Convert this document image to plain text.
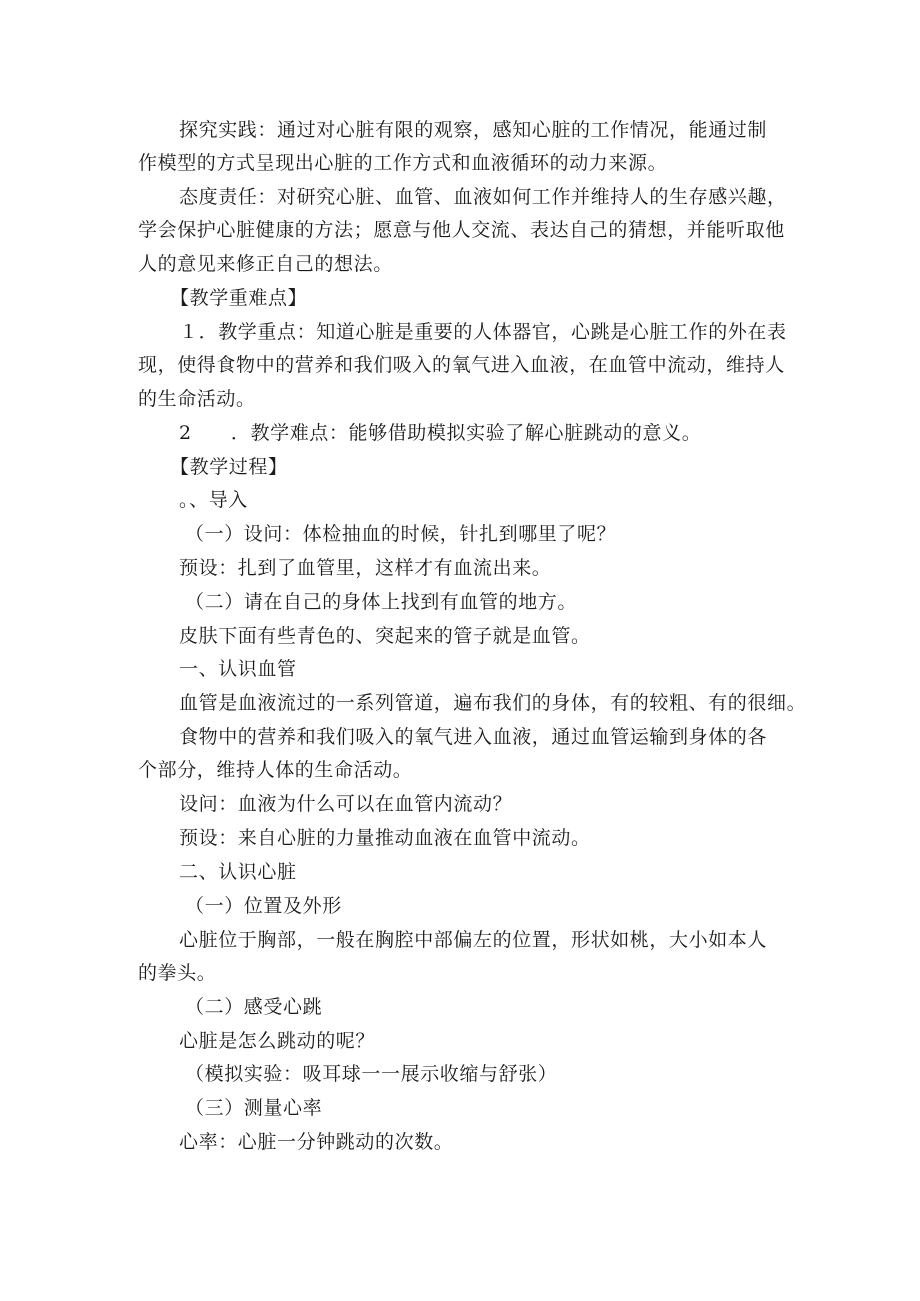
探究实践：通过对心脏有限的观察，感知心脏的工作情况，能通过制
作模型的方式呈现出心脏的工作方式和血液循环的动力来源。
态度责任：对研究心脏、血管、血液如何工作并维持人的生存感兴趣，
学会保护心脏健康的方法；愿意与他人交流、表达自己的猜想，并能听取他
人的意见来修正自己的想法。
【教学重难点】
１．教学重点：知道心脏是重要的人体器官，心跳是心脏工作的外在表
现，使得食物中的营养和我们吸入的氧气进入血液，在血管中流动，维持人
的生命活动。
2　　．教学难点：能够借助模拟实验了解心脏跳动的意义。
【教学过程】
。、导入
（一）设问：体检抽血的时候，针扎到哪里了呢？
预设：扎到了血管里，这样才有血流出来。
（二）请在自己的身体上找到有血管的地方。
皮肤下面有些青色的、突起来的管子就是血管。
一、认识血管
血管是血液流过的一系列管道，遍布我们的身体，有的较粗、有的很细。
食物中的营养和我们吸入的氧气进入血液，通过血管运输到身体的各
个部分，维持人体的生命活动。
设问：血液为什么可以在血管内流动？
预设：来自心脏的力量推动血液在血管中流动。
二、认识心脏
（一）位置及外形
心脏位于胸部，一般在胸腔中部偏左的位置，形状如桃，大小如本人
的拳头。
（二）感受心跳
心脏是怎么跳动的呢？
（模拟实验：吸耳球一一展示收缩与舒张）
（三）测量心率
心率：心脏一分钟跳动的次数。
